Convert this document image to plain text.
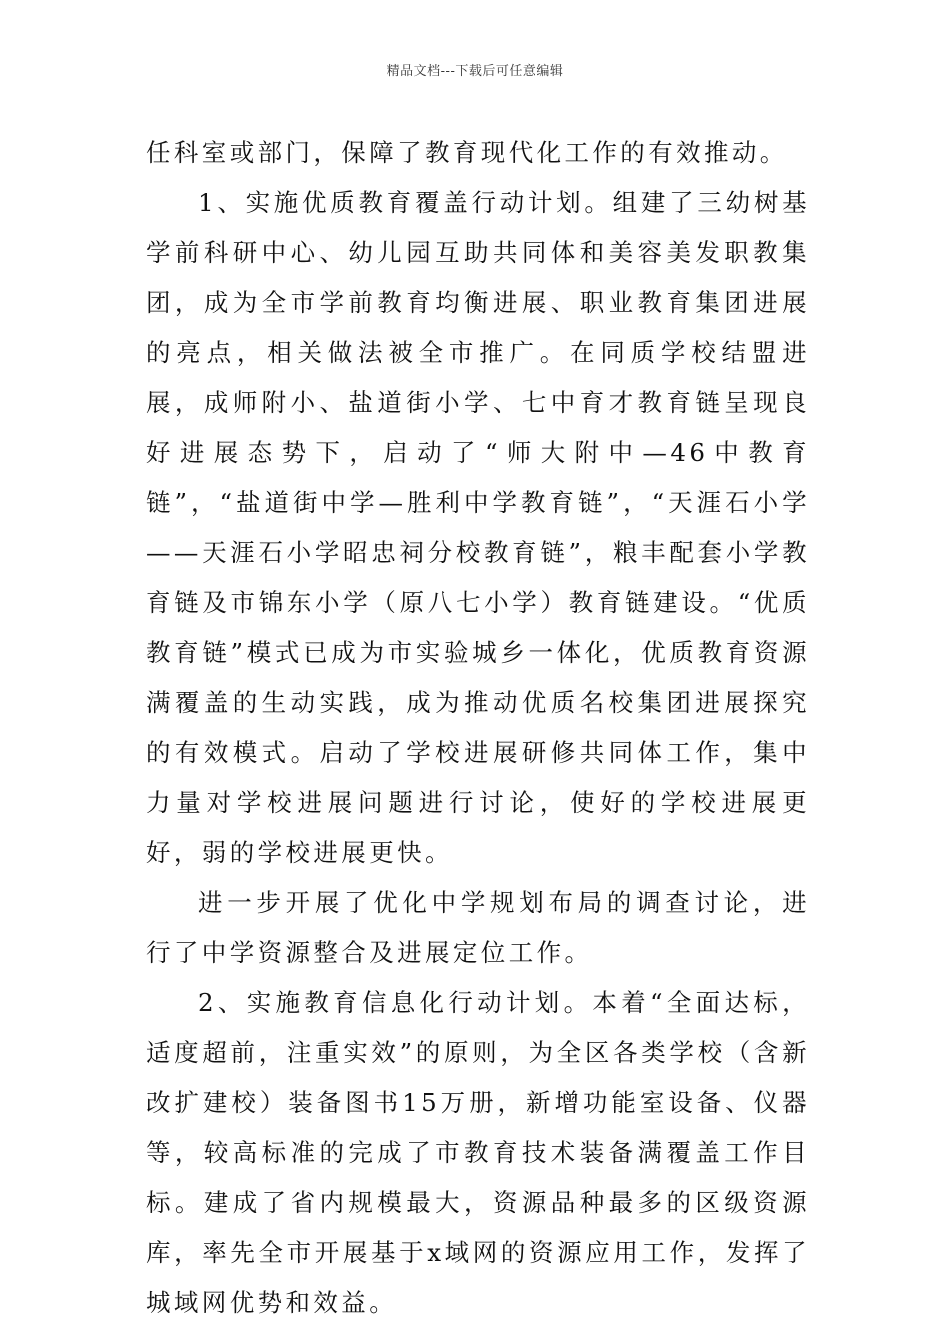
精品文档---下载后可任意编辑

任科室或部门，保障了教育现代化工作的有效推动。

1、实施优质教育覆盖行动计划。组建了三幼树基学前科研中心、幼儿园互助共同体和美容美发职教集团，成为全市学前教育均衡进展、职业教育集团进展的亮点，相关做法被全市推广。在同质学校结盟进展，成师附小、盐道街小学、七中育才教育链呈现良好进展态势下，启动了“师大附中—46中教育链”，“盐道街中学—胜利中学教育链”，“天涯石小学——天涯石小学昭忠祠分校教育链”，粮丰配套小学教育链及市锦东小学（原八七小学）教育链建设。“优质教育链”模式已成为市实验城乡一体化，优质教育资源满覆盖的生动实践，成为推动优质名校集团进展探究的有效模式。启动了学校进展研修共同体工作，集中力量对学校进展问题进行讨论，使好的学校进展更好，弱的学校进展更快。

进一步开展了优化中学规划布局的调查讨论，进行了中学资源整合及进展定位工作。

2、实施教育信息化行动计划。本着“全面达标，适度超前，注重实效”的原则，为全区各类学校（含新改扩建校）装备图书15万册，新增功能室设备、仪器等，较高标准的完成了市教育技术装备满覆盖工作目标。建成了省内规模最大，资源品种最多的区级资源库，率先全市开展基于x域网的资源应用工作，发挥了城域网优势和效益。
